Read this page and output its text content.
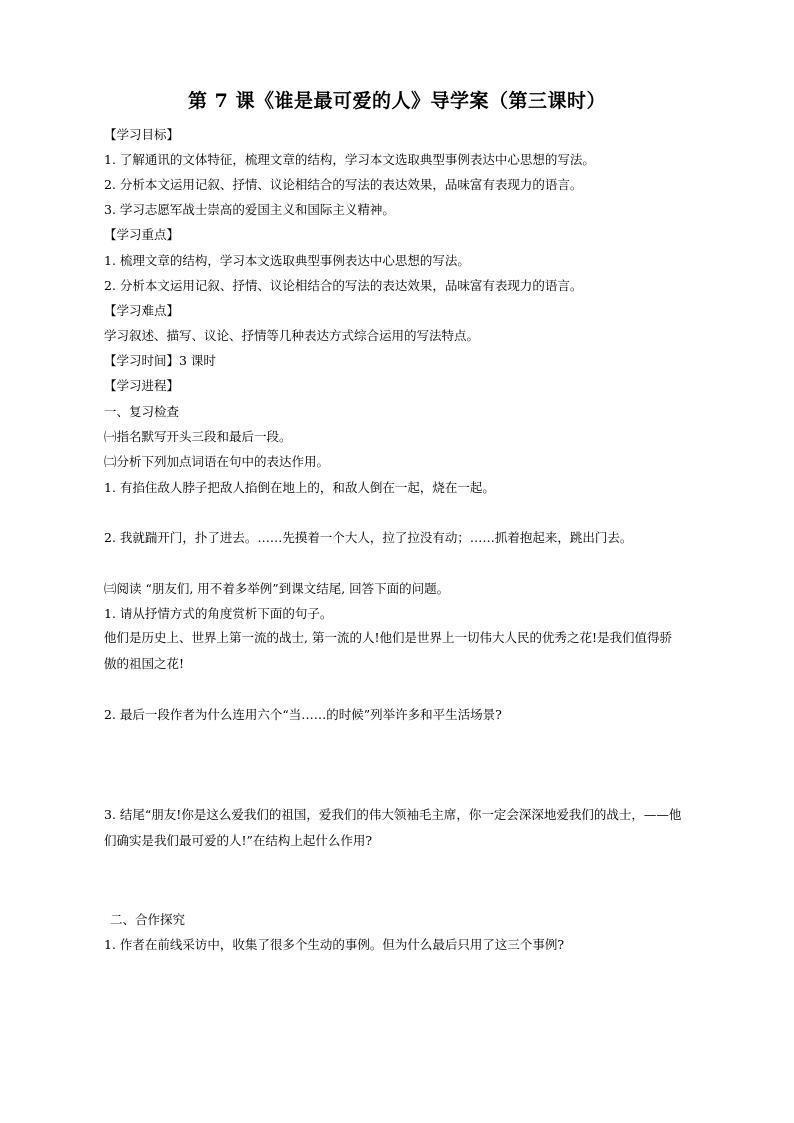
第 7 课《谁是最可爱的人》导学案（第三课时）
【学习目标】
1. 了解通讯的文体特征，梳理文章的结构，学习本文选取典型事例表达中心思想的写法。
2. 分析本文运用记叙、抒情、议论相结合的写法的表达效果，品味富有表现力的语言。
3. 学习志愿军战士崇高的爱国主义和国际主义精神。
【学习重点】
1. 梳理文章的结构，学习本文选取典型事例表达中心思想的写法。
2. 分析本文运用记叙、抒情、议论相结合的写法的表达效果，品味富有表现力的语言。
【学习难点】
学习叙述、描写、议论、抒情等几种表达方式综合运用的写法特点。
【学习时间】3 课时
【学习进程】
一、复习检查
㈠指名默写开头三段和最后一段。
㈡分析下列加点词语在句中的表达作用。
1. 有掐住敌人脖子把敌人掐倒在地上的，和敌人倒在一起，烧在一起。
2. 我就踹开门，扑了进去。……先摸着一个大人，拉了拉没有动；……抓着抱起来，跳出门去。
㈢阅读 “朋友们, 用不着多举例”到课文结尾, 回答下面的问题。
1. 请从抒情方式的角度赏析下面的句子。
他们是历史上、世界上第一流的战士, 第一流的人!他们是世界上一切伟大人民的优秀之花!是我们值得骄傲的祖国之花!
2. 最后一段作者为什么连用六个“当……的时候”列举许多和平生活场景?
3. 结尾“朋友!你是这么爱我们的祖国，爱我们的伟大领袖毛主席，你一定会深深地爱我们的战士，——他们确实是我们最可爱的人!”在结构上起什么作用?
二、合作探究
1. 作者在前线采访中，收集了很多个生动的事例。但为什么最后只用了这三个事例?
